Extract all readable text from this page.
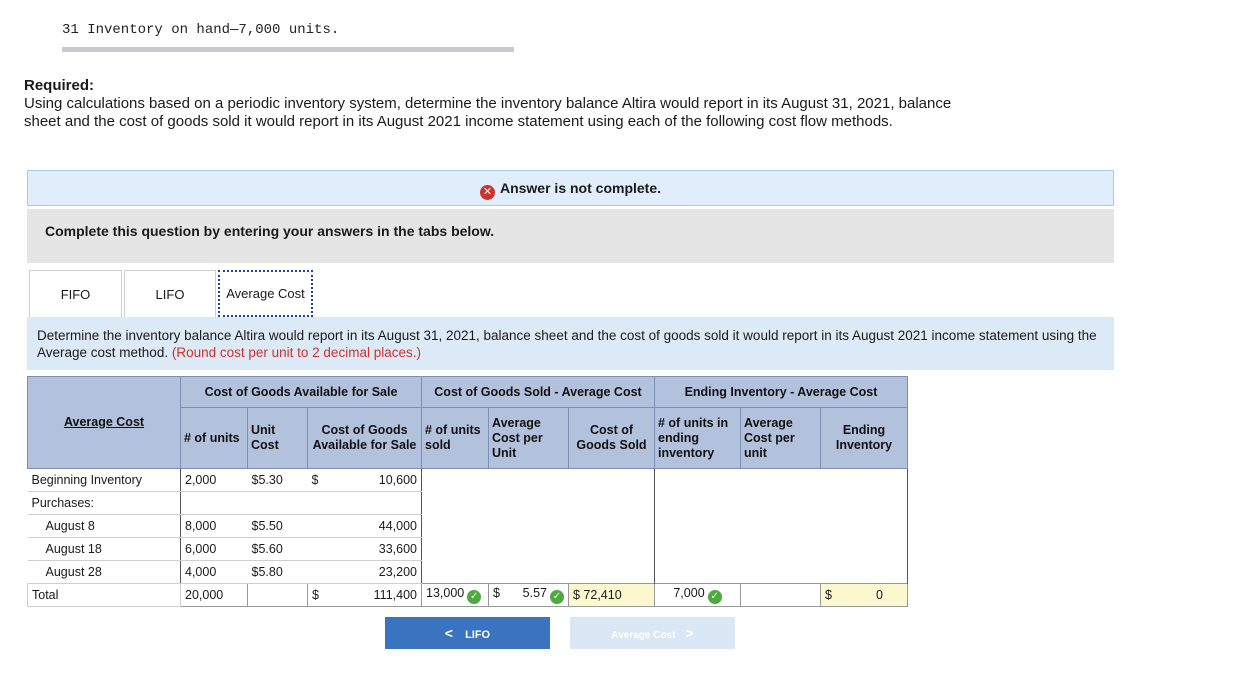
31 Inventory on hand—7,000 units.
Required:
Using calculations based on a periodic inventory system, determine the inventory balance Altira would report in its August 31, 2021, balance sheet and the cost of goods sold it would report in its August 2021 income statement using each of the following cost flow methods.
✕ Answer is not complete.
Complete this question by entering your answers in the tabs below.
FIFO	LIFO	Average Cost
Determine the inventory balance Altira would report in its August 31, 2021, balance sheet and the cost of goods sold it would report in its August 2021 income statement using the Average cost method. (Round cost per unit to 2 decimal places.)
Average Cost	Cost of Goods Available for Sale				Cost of Goods Sold - Average Cost			Ending Inventory - Average Cost		
	# of units	Unit Cost	Cost of Goods Available for Sale		# of units sold	Average Cost per Unit	Cost of Goods Sold	# of units in ending inventory	Average Cost per unit	Ending Inventory
Beginning Inventory	2,000	$5.30	$	10,600						
Purchases:										
August 8	8,000	$5.50		44,000						
August 18	6,000	$5.60		33,600						
August 28	4,000	$5.80		23,200						
Total	20,000		$	111,400	13,000 ✓	$ 5.57 ✓	$ 72,410	7,000 ✓		$ 0
< LIFO	Average Cost >
